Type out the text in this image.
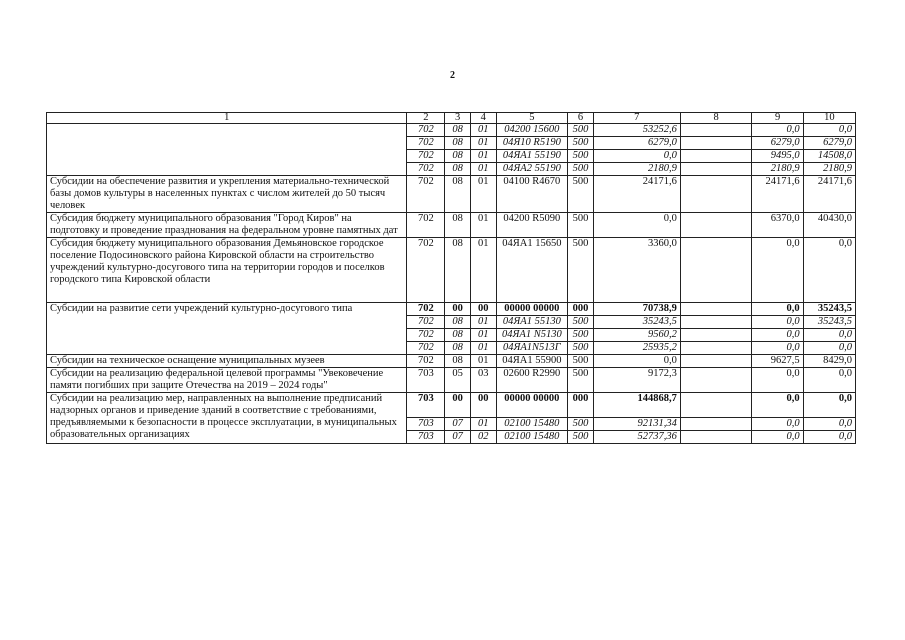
2
1	2	3	4	5	6	7	8	9	10
	702	08	01	04200 15600	500	53252,6		0,0	0,0
	702	08	01	04Я10 R5190	500	6279,0		6279,0	6279,0
	702	08	01	04ЯА1 55190	500	0,0		9495,0	14508,0
	702	08	01	04ЯА2 55190	500	2180,9		2180,9	2180,9
Субсидии на обеспечение развития и укрепления материально-технической базы домов культуры в населенных пунктах с числом жителей до 50 тысяч человек	702	08	01	04100 R4670	500	24171,6		24171,6	24171,6
Субсидия бюджету муниципального образования "Город Киров" на подготовку и проведение празднования на федеральном уровне памятных дат	702	08	01	04200 R5090	500	0,0		6370,0	40430,0
Субсидия бюджету муниципального образования Демьяновское городское поселение Подосиновского района Кировской области на строительство учреждений культурно-досугового типа на территории городов и поселков городского типа Кировской области	702	08	01	04ЯА1 15650	500	3360,0		0,0	0,0
Субсидии на развитие сети учреждений культурно-досугового типа	702	00	00	00000 00000	000	70738,9		0,0	35243,5
	702	08	01	04ЯА1 55130	500	35243,5		0,0	35243,5
	702	08	01	04ЯА1 N5130	500	9560,2		0,0	0,0
	702	08	01	04ЯА1N513Г	500	25935,2		0,0	0,0
Субсидии на техническое оснащение муниципальных музеев	702	08	01	04ЯА1 55900	500	0,0		9627,5	8429,0
Субсидии на реализацию федеральной целевой программы "Увековечение памяти погибших при защите Отечества на 2019 – 2024 годы"	703	05	03	02600 R2990	500	9172,3		0,0	0,0
Субсидии на реализацию мер, направленных на выполнение предписаний надзорных органов и приведение зданий в соответствие с требованиями, предъявляемыми к безопасности в процессе эксплуатации, в муниципальных образовательных организациях	703	00	00	00000 00000	000	144868,7		0,0	0,0
	703	07	01	02100 15480	500	92131,34		0,0	0,0
	703	07	02	02100 15480	500	52737,36		0,0	0,0
